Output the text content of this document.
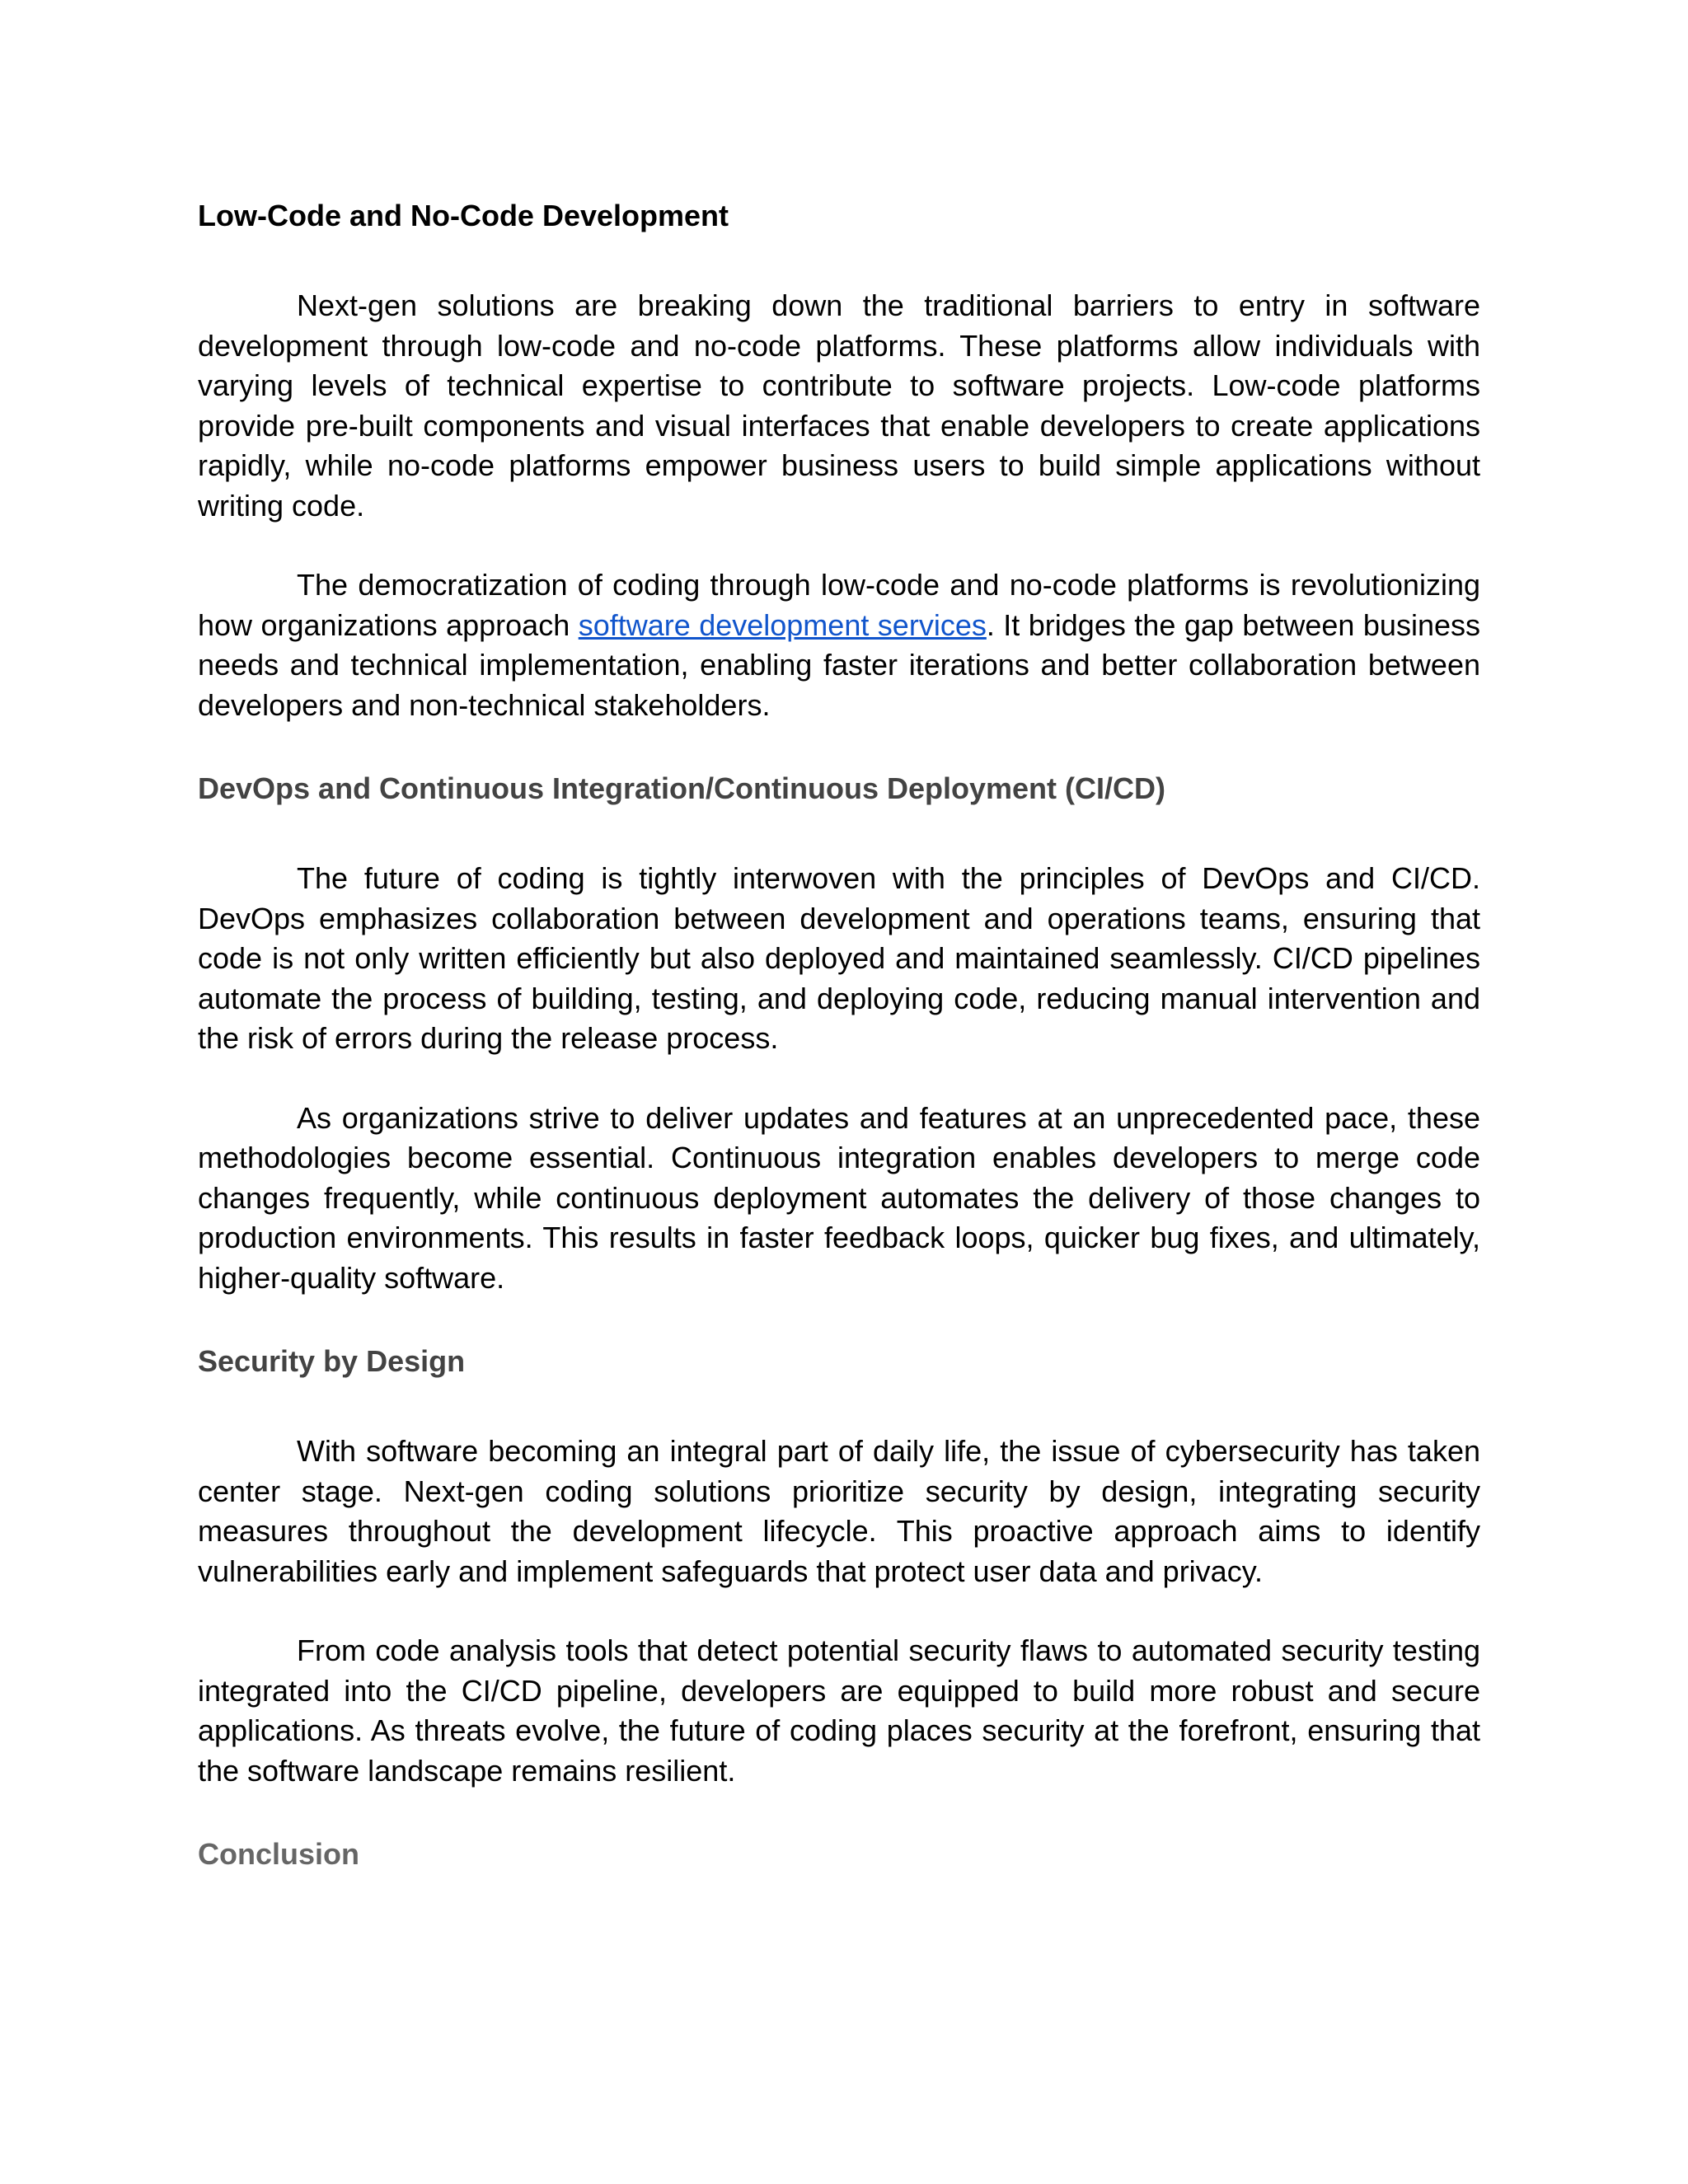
Low-Code and No-Code Development

Next-gen solutions are breaking down the traditional barriers to entry in software development through low-code and no-code platforms. These platforms allow individuals with varying levels of technical expertise to contribute to software projects. Low-code platforms provide pre-built components and visual interfaces that enable developers to create applications rapidly, while no-code platforms empower business users to build simple applications without writing code.

The democratization of coding through low-code and no-code platforms is revolutionizing how organizations approach software development services. It bridges the gap between business needs and technical implementation, enabling faster iterations and better collaboration between developers and non-technical stakeholders.

DevOps and Continuous Integration/Continuous Deployment (CI/CD)

The future of coding is tightly interwoven with the principles of DevOps and CI/CD. DevOps emphasizes collaboration between development and operations teams, ensuring that code is not only written efficiently but also deployed and maintained seamlessly. CI/CD pipelines automate the process of building, testing, and deploying code, reducing manual intervention and the risk of errors during the release process.

As organizations strive to deliver updates and features at an unprecedented pace, these methodologies become essential. Continuous integration enables developers to merge code changes frequently, while continuous deployment automates the delivery of those changes to production environments. This results in faster feedback loops, quicker bug fixes, and ultimately, higher-quality software.

Security by Design

With software becoming an integral part of daily life, the issue of cybersecurity has taken center stage. Next-gen coding solutions prioritize security by design, integrating security measures throughout the development lifecycle. This proactive approach aims to identify vulnerabilities early and implement safeguards that protect user data and privacy.

From code analysis tools that detect potential security flaws to automated security testing integrated into the CI/CD pipeline, developers are equipped to build more robust and secure applications. As threats evolve, the future of coding places security at the forefront, ensuring that the software landscape remains resilient.

Conclusion
